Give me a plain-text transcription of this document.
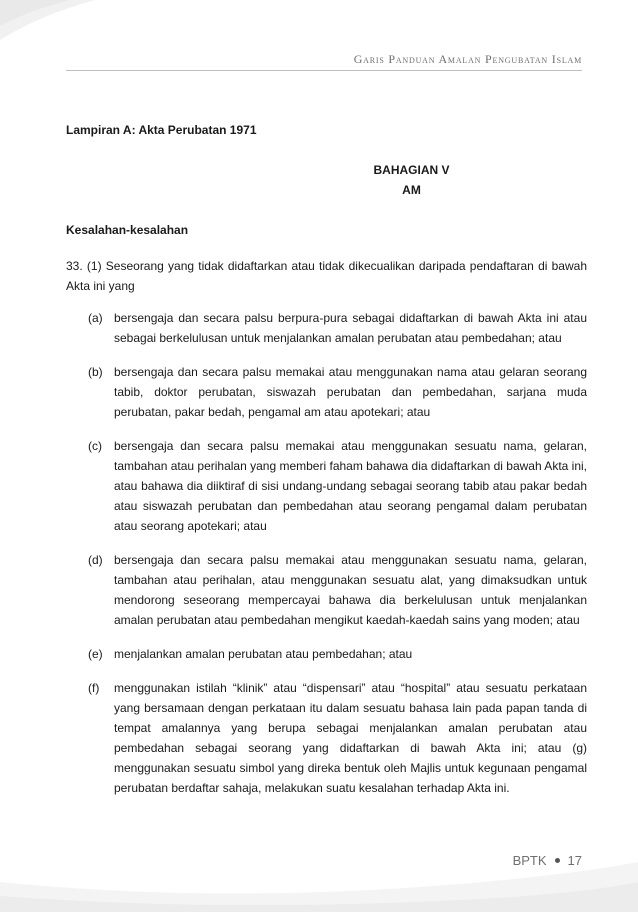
Garis Panduan Amalan Pengubatan Islam
Lampiran A: Akta Perubatan 1971
BAHAGIAN V
AM
Kesalahan-kesalahan
33. (1) Seseorang yang tidak didaftarkan atau tidak dikecualikan daripada pendaftaran di bawah Akta ini yang
(a) bersengaja dan secara palsu berpura-pura sebagai didaftarkan di bawah Akta ini atau sebagai berkelulusan untuk menjalankan amalan perubatan atau pembedahan; atau
(b) bersengaja dan secara palsu memakai atau menggunakan nama atau gelaran seorang tabib, doktor perubatan, siswazah perubatan dan pembedahan, sarjana muda perubatan, pakar bedah, pengamal am atau apotekari; atau
(c)	bersengaja dan secara palsu memakai atau menggunakan sesuatu nama, gelaran, tambahan atau perihalan yang memberi faham bahawa dia didaftarkan di bawah Akta ini, atau bahawa dia diiktiraf di sisi undang-undang sebagai seorang tabib atau pakar bedah atau siswazah perubatan dan pembedahan atau seorang pengamal dalam perubatan atau seorang apotekari; atau
(d) bersengaja dan secara palsu memakai atau menggunakan sesuatu nama, gelaran, tambahan atau perihalan, atau menggunakan sesuatu alat, yang dimaksudkan untuk mendorong seseorang mempercayai bahawa dia berkelulusan untuk menjalankan amalan perubatan atau pembedahan mengikut kaedah-kaedah sains yang moden; atau
(e) menjalankan amalan perubatan atau pembedahan; atau
(f)	menggunakan istilah “klinik” atau “dispensari” atau “hospital” atau sesuatu perkataan yang bersamaan dengan perkataan itu dalam sesuatu bahasa lain pada papan tanda di tempat amalannya yang berupa sebagai menjalankan amalan perubatan atau pembedahan sebagai seorang yang didaftarkan di bawah Akta ini; atau (g) menggunakan sesuatu simbol yang direka bentuk oleh Majlis untuk kegunaan pengamal perubatan berdaftar sahaja, melakukan suatu kesalahan terhadap Akta ini.
BPTK 17
